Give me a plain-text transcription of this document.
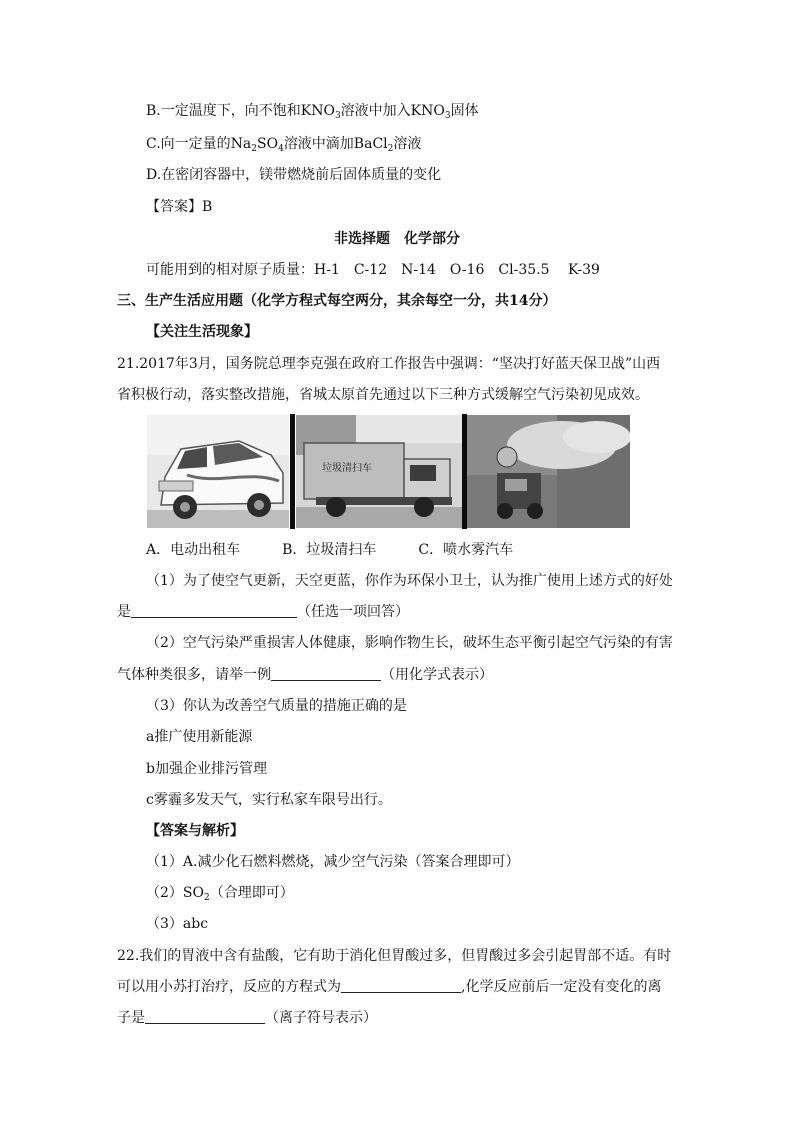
B.一定温度下，向不饱和$KNO_3$溶液中加入$KNO_3$固体
C.向一定量的$Na_2SO_4$溶液中滴加BaCl$_2$溶液
D.在密闭容器中，镁带燃烧前后固体质量的变化
【答案】B
非选择题　化学部分
可能用到的相对原子质量：H-1　C-12　N-14　O-16　Cl-35.5　 K-39
三、生产生活应用题（化学方程式每空两分，其余每空一分，共14分）
【关注生活现象】
21.2017年3月，国务院总理李克强在政府工作报告中强调：“坚决打好蓝天保卫战”山西
省积极行动，落实整改措施，省城太原首先通过以下三种方式缓解空气污染初见成效。
垃圾清扫车
A．电动出租车　　　B．垃圾清扫车　　　C．喷水雾汽车
（1）为了使空气更新，天空更蓝，你作为环保小卫士，认为推广使用上述方式的好处
是	（任选一项回答）
（2）空气污染严重损害人体健康，影响作物生长，破坏生态平衡引起空气污染的有害
气体种类很多，请举一例	（用化学式表示）
（3）你认为改善空气质量的措施正确的是
a推广使用新能源
b加强企业排污管理
c雾霾多发天气，实行私家车限号出行。
【答案与解析】
（1）A.减少化石燃料燃烧，减少空气污染（答案合理即可）
$(2)SO_2$（合理即可）
（3）abc
22.我们的胃液中含有盐酸，它有助于消化但胃酸过多，但胃酸过多会引起胃部不适。有时
可以用小苏打治疗，反应的方程式为	,化学反应前后一定没有变化的离
子是	（离子符号表示）
